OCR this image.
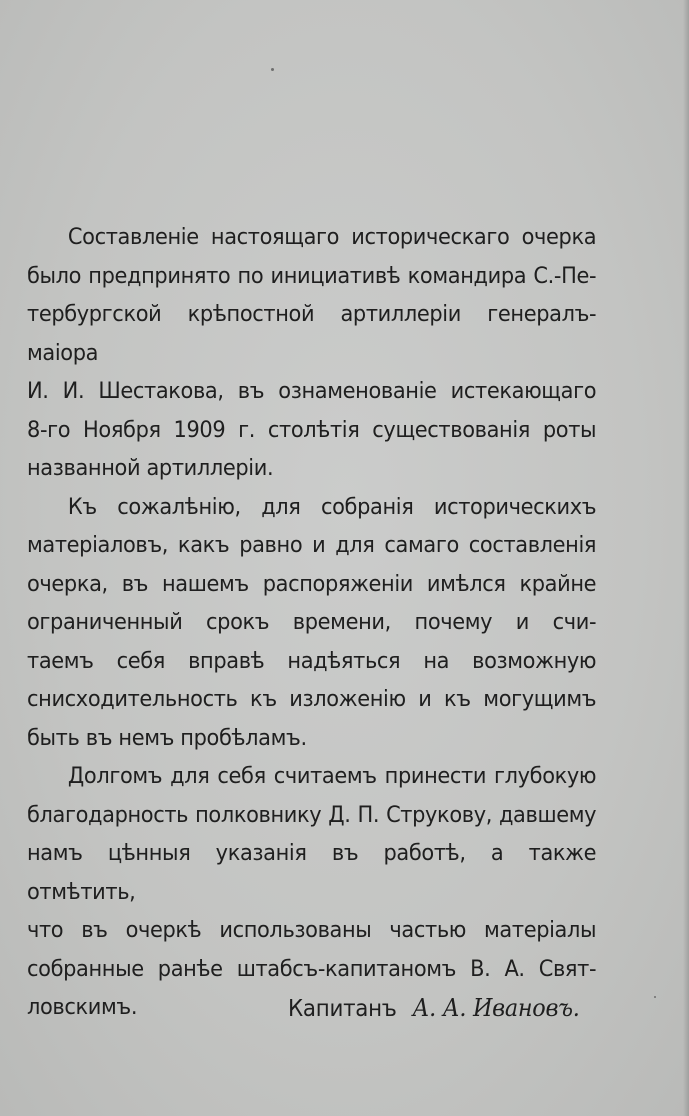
Составленіе настоящаго историческаго очерка
было предпринято по инициативѣ командира С.-Пе-
тербургской крѣпостной артиллеріи генералъ-маіора
И. И. Шестакова, въ ознаменованіе истекающаго
8-го Ноября 1909 г. столѣтія существованія роты
названной артиллеріи.

Къ сожалѣнію, для собранія историческихъ
матеріаловъ, какъ равно и для самаго составленія
очерка, въ нашемъ распоряженіи имѣлся крайне
ограниченный срокъ времени, почему и счи-
таемъ себя вправѣ надѣяться на возможную
снисходительность къ изложенію и къ могущимъ
быть въ немъ пробѣламъ.

Долгомъ для себя считаемъ принести глубокую
благодарность полковнику Д. П. Струкову, давшему
намъ цѣнныя указанія въ работѣ, а также отмѣтить,
что въ очеркѣ использованы частью матеріалы
собранные ранѣе штабсъ-капитаномъ В. А. Свят-
ловскимъ.	Капитанъ А. А. Ивановъ.
